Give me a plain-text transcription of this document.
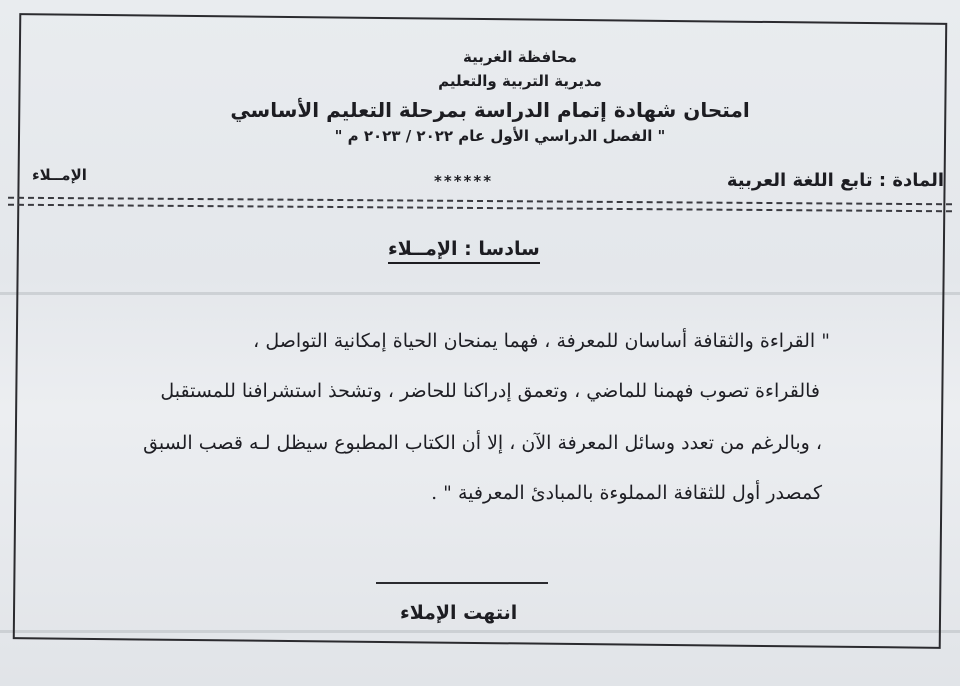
محافظة الغربية
مديرية التربية والتعليم
امتحان شهادة إتمام الدراسة بمرحلة التعليم الأساسي
" الفصل الدراسي الأول عام ٢٠٢٢ / ٢٠٢٣ م "
المادة : تابع اللغة العربية
******
الإمــلاء
سادسا : الإمــلاء
" القراءة والثقافة أساسان للمعرفة ، فهما يمنحان الحياة إمكانية التواصل ،
فالقراءة تصوب فهمنا للماضي ، وتعمق إدراكنا للحاضر ، وتشحذ استشرافنا للمستقبل
، وبالرغم من تعدد وسائل المعرفة الآن ، إلا أن الكتاب المطبوع سيظل لـه قصب السبق
كمصدر أول للثقافة المملوءة بالمبادئ المعرفية " .
انتهت الإملاء
